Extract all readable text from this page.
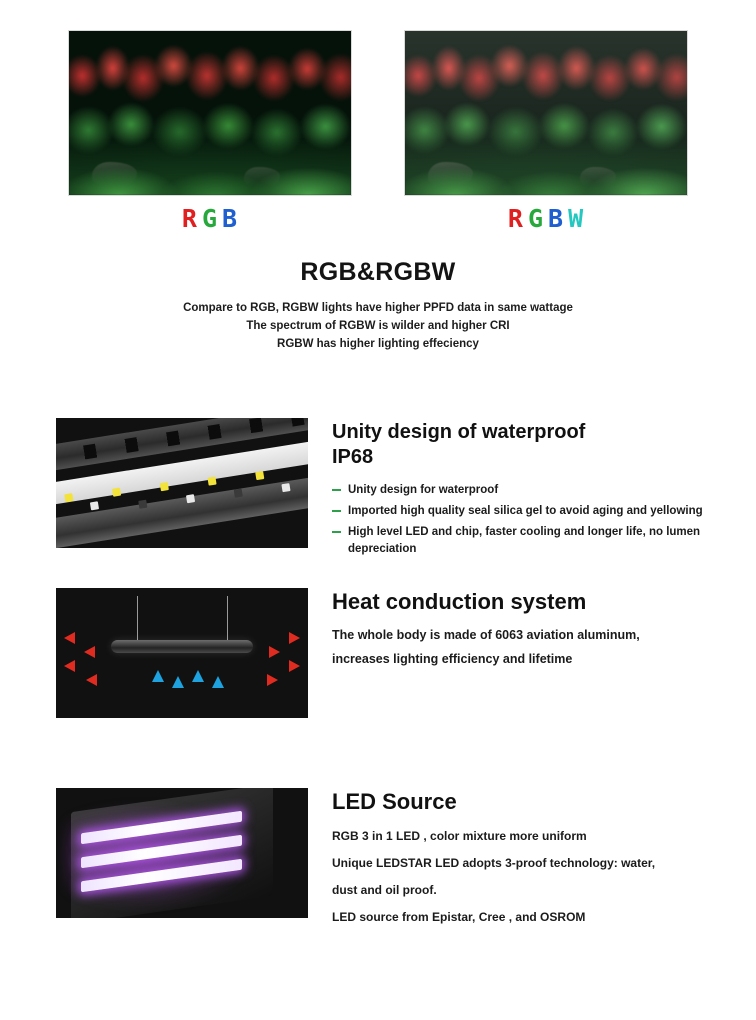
R G B	R G B W
RGB&RGBW
Compare to RGB, RGBW lights have higher PPFD data in same wattage
The spectrum of RGBW is wilder and higher CRI
RGBW has higher lighting effeciency
Unity design of waterproof
IP68
Unity design for waterproof
Imported high quality seal silica gel to avoid aging and yellowing
High level LED and chip, faster cooling and longer life, no lumen depreciation
Heat conduction system

The whole body is made of 6063 aviation aluminum,

increases lighting efficiency and lifetime

LED Source

RGB 3 in 1 LED , color mixture more uniform

Unique LEDSTAR LED adopts 3-proof technology: water,

dust and oil proof.

LED source from Epistar, Cree , and OSROM
